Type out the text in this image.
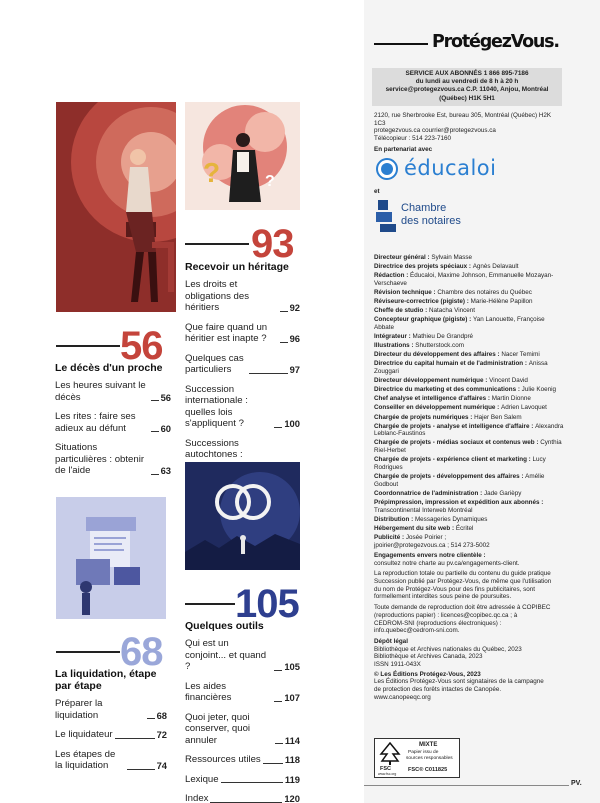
56
Le décès d'un proche
Les heures suivant le décès	56
Les rites : faire ses adieux au défunt	60
Situations particulières : obtenir de l'aide	63
68
La liquidation, étape par étape
Préparer la liquidation	68
Le liquidateur	72
Les étapes de la liquidation	74
?	?
93
Recevoir un héritage
Les droits et obligations des héritiers	92
Que faire quand un héritier est inapte ?	96
Quelques cas particuliers	97
Succession internationale : quelles lois s'appliquent ?	100
Successions autochtones :
105
Quelques outils
Qui est un conjoint... et quand ?	105
Les aides financières	107
Quoi jeter, quoi conserver, quoi annuler	114
Ressources utiles	118
Lexique	119
Index	120
ProtégezVous.
SERVICE AUX ABONNÉS 1 866 895-7186
du lundi au vendredi de 8 h à 20 h
service@protegezvous.ca C.P. 11040, Anjou, Montréal
(Québec) H1K 5H1
2120, rue Sherbrooke Est, bureau 305, Montréal (Québec) H2K 1C3
protegezvous.ca courrier@protegezvous.ca
Télécopieur : 514 223-7160
En partenariat avec
éducaloi
et
Chambre
des notaires
Directeur général : Sylvain Masse
Directrice des projets spéciaux : Agnès Delavault
Rédaction : Éducaloi, Maxime Johnson, Emmanuelle Mozayan-Verschaeve
Révision technique : Chambre des notaires du Québec
Réviseure-correctrice (pigiste) : Marie-Hélène Papillon
Cheffe de studio : Natacha Vincent
Concepteur graphique (pigiste) : Yan Lanouette, Françoise Abbate
Intégrateur : Mathieu De Grandpré
Illustrations : Shutterstock.com
Directeur du développement des affaires : Nacer Temimi
Directrice du capital humain et de l'administration : Anissa Zouggari
Directeur développement numérique : Vincent David
Directrice du marketing et des communications : Julie Koenig
Chef analyse et intelligence d'affaires : Martin Dionne
Conseiller en développement numérique : Adrien Lavoquet
Chargée de projets numériques : Hajer Ben Salem
Chargée de projets - analyse et intelligence d'affaire : Alexandra Leblanc-Faustinos
Chargée de projets - médias sociaux et contenus web : Cynthia Riel-Herbet
Chargée de projets - expérience client et marketing : Lucy Rodrigues
Chargée de projets - développement des affaires : Amélie Godbout
Coordonnatrice de l'administration : Jade Garièpy
Prépimpression, impression et expédition aux abonnés : Transcontinental Interweb Montréal
Distribution : Messageries Dynamiques
Hébergement du site web : Écritel
Publicité : Josée Poirier ;
jpoirier@protegezvous.ca ; 514 273-5002
Engagements envers notre clientèle :
consultez notre charte au pv.ca/engagements-client.
La reproduction totale ou partielle du contenu du guide pratique
Succession publié par Protégez-Vous, de même que l'utilisation
du nom de Protégez-Vous pour des fins publicitaires, sont
formellement interdites sous peine de poursuites.
Toute demande de reproduction doit être adressée à COPIBEC
(reproductions papier) : licences@copibec.qc.ca ; à
CEDROM-SNI (reproductions électroniques) :
info.quebec@cedrom-sni.com.
Dépôt légal
Bibliothèque et Archives nationales du Québec, 2023
Bibliothèque et Archives Canada, 2023
ISSN 1911-043X
© Les Éditions Protégez-Vous, 2023
Les Éditions Protégez-Vous sont signataires de la campagne
de protection des forêts intactes de Canopée.
www.canopeeqc.org
FSC
www.fsc.org
MIXTE
Papier issu de
sources responsables
FSC® C011825
PV.
